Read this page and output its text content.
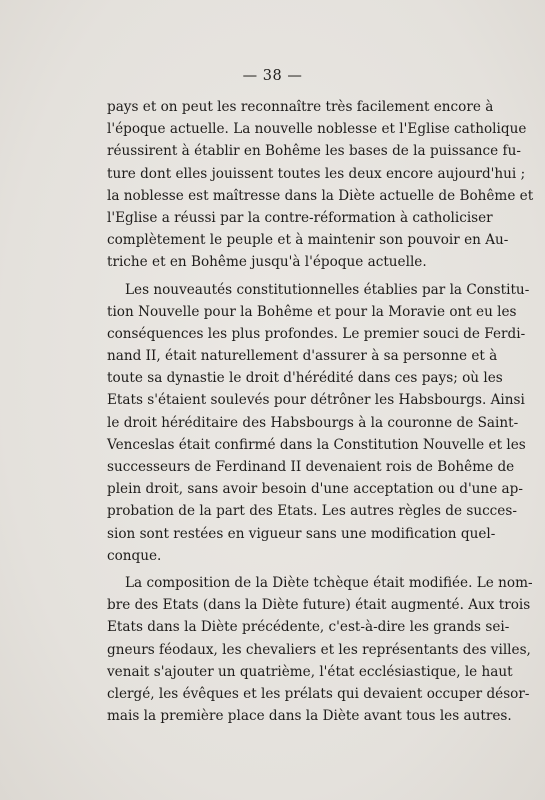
— 38 —
pays et on peut les reconnaître très facilement encore à
l'époque actuelle. La nouvelle noblesse et l'Eglise catholique
réussirent à établir en Bohême les bases de la puissance fu-
ture dont elles jouissent toutes les deux encore aujourd'hui ;
la noblesse est maîtresse dans la Diète actuelle de Bohême et
l'Eglise a réussi par la contre-réformation à catholiciser
complètement le peuple et à maintenir son pouvoir en Au-
triche et en Bohême jusqu'à l'époque actuelle.
Les nouveautés constitutionnelles établies par la Constitu-
tion Nouvelle pour la Bohême et pour la Moravie ont eu les
conséquences les plus profondes. Le premier souci de Ferdi-
nand II, était naturellement d'assurer à sa personne et à
toute sa dynastie le droit d'hérédité dans ces pays; où les
Etats s'étaient soulevés pour détrôner les Habsbourgs. Ainsi
le droit héréditaire des Habsbourgs à la couronne de Saint-
Venceslas était confirmé dans la Constitution Nouvelle et les
successeurs de Ferdinand II devenaient rois de Bohême de
plein droit, sans avoir besoin d'une acceptation ou d'une ap-
probation de la part des Etats. Les autres règles de succes-
sion sont restées en vigueur sans une modification quel-
conque.
La composition de la Diète tchèque était modifiée. Le nom-
bre des Etats (dans la Diète future) était augmenté. Aux trois
Etats dans la Diète précédente, c'est-à-dire les grands sei-
gneurs féodaux, les chevaliers et les représentants des villes,
venait s'ajouter un quatrième, l'état ecclésiastique, le haut
clergé, les évêques et les prélats qui devaient occuper désor-
mais la première place dans la Diète avant tous les autres.
